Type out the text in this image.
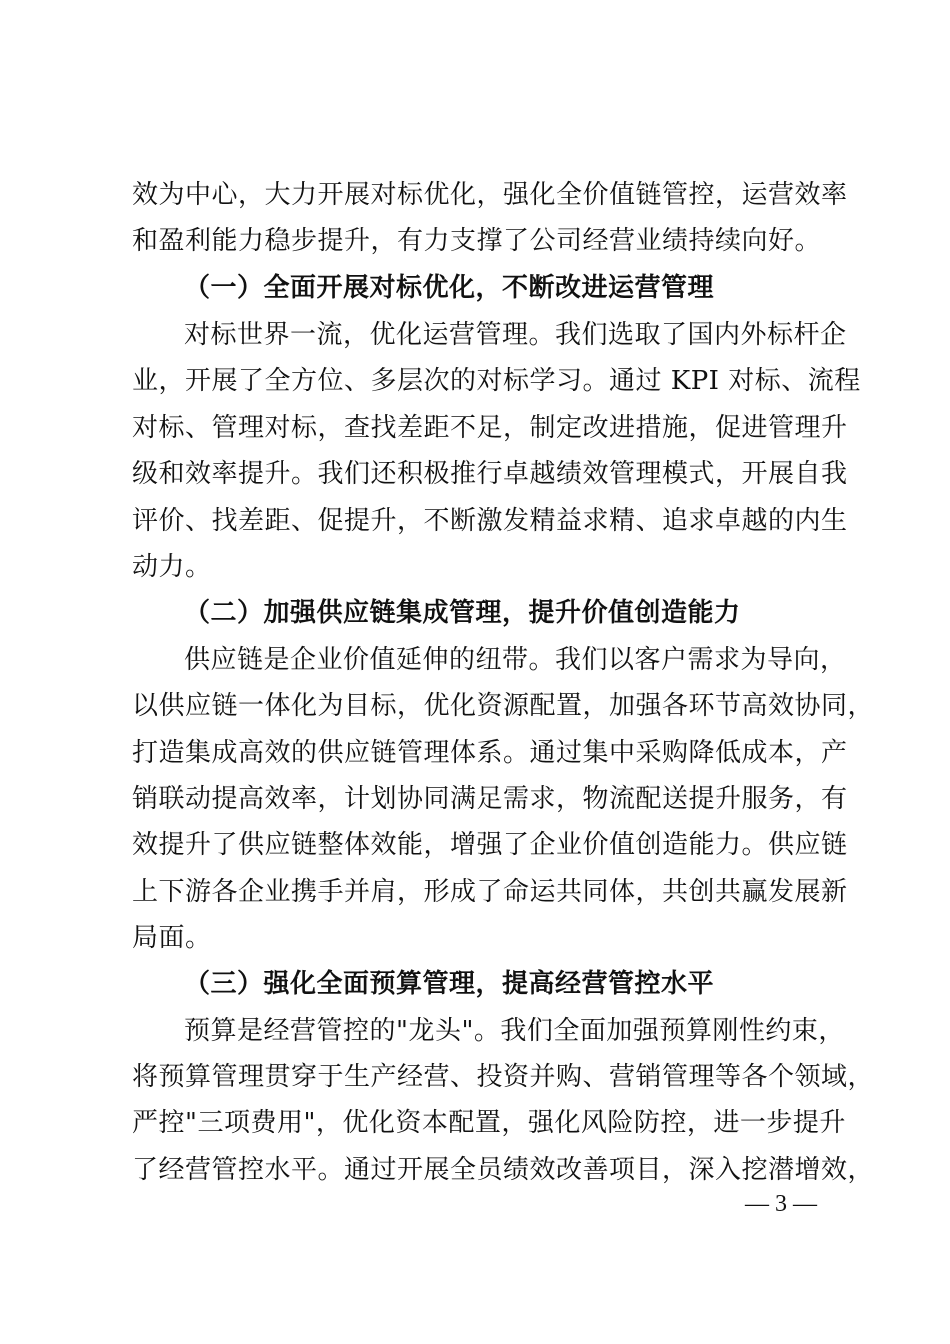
效为中心，大力开展对标优化，强化全价值链管控，运营效率
和盈利能力稳步提升，有力支撑了公司经营业绩持续向好。
（一）全面开展对标优化，不断改进运营管理
对标世界一流，优化运营管理。我们选取了国内外标杆企
业，开展了全方位、多层次的对标学习。通过 KPI 对标、流程
对标、管理对标，查找差距不足，制定改进措施，促进管理升
级和效率提升。我们还积极推行卓越绩效管理模式，开展自我
评价、找差距、促提升，不断激发精益求精、追求卓越的内生
动力。
（二）加强供应链集成管理，提升价值创造能力
供应链是企业价值延伸的纽带。我们以客户需求为导向，
以供应链一体化为目标，优化资源配置，加强各环节高效协同，
打造集成高效的供应链管理体系。通过集中采购降低成本，产
销联动提高效率，计划协同满足需求，物流配送提升服务，有
效提升了供应链整体效能，增强了企业价值创造能力。供应链
上下游各企业携手并肩，形成了命运共同体，共创共赢发展新
局面。
（三）强化全面预算管理，提高经营管控水平
预算是经营管控的"龙头"。我们全面加强预算刚性约束，
将预算管理贯穿于生产经营、投资并购、营销管理等各个领域，
严控"三项费用"，优化资本配置，强化风险防控，进一步提升
了经营管控水平。通过开展全员绩效改善项目，深入挖潜增效，
— 3 —
